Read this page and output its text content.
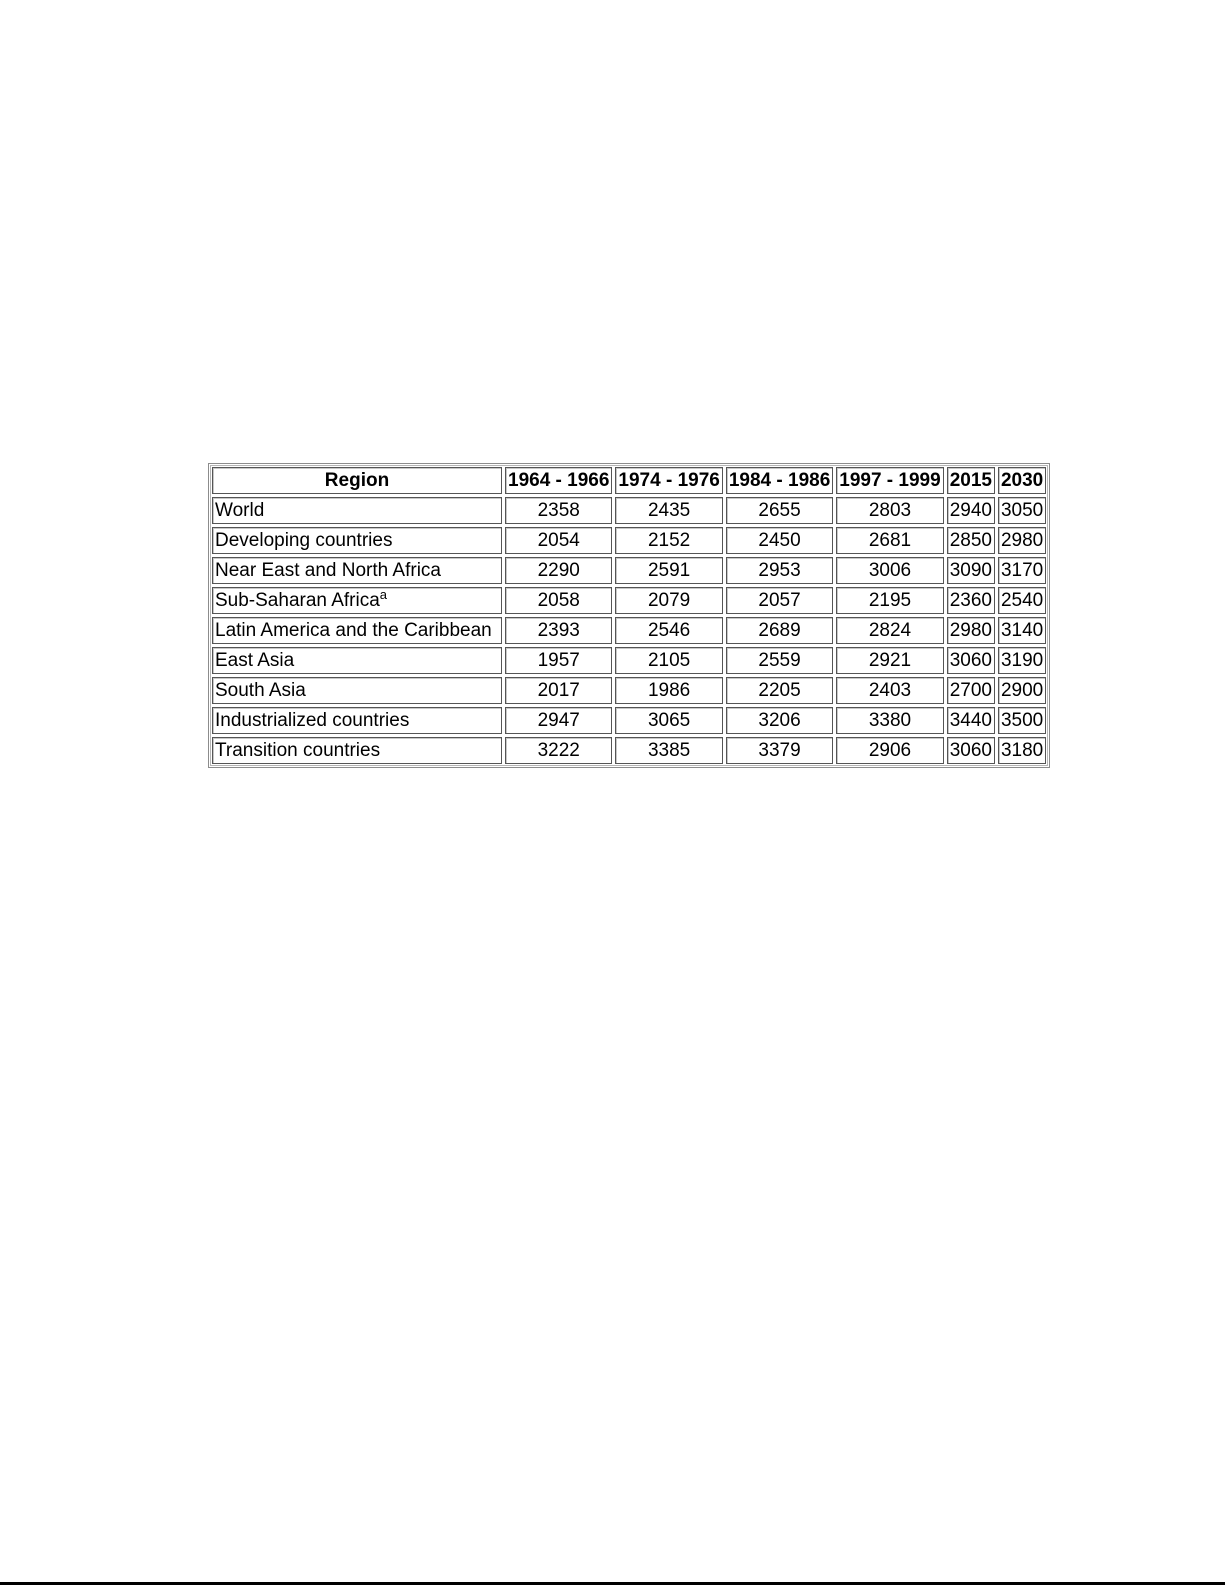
Region	1964 - 1966	1974 - 1976	1984 - 1986	1997 - 1999	2015	2030
World	2358	2435	2655	2803	2940	3050
Developing countries	2054	2152	2450	2681	2850	2980
Near East and North Africa	2290	2591	2953	3006	3090	3170
Sub-Saharan Africa$^a$	2058	2079	2057	2195	2360	2540
Latin America and the Caribbean	2393	2546	2689	2824	2980	3140
East Asia	1957	2105	2559	2921	3060	3190
South Asia	2017	1986	2205	2403	2700	2900
Industrialized countries	2947	3065	3206	3380	3440	3500
Transition countries	3222	3385	3379	2906	3060	3180
